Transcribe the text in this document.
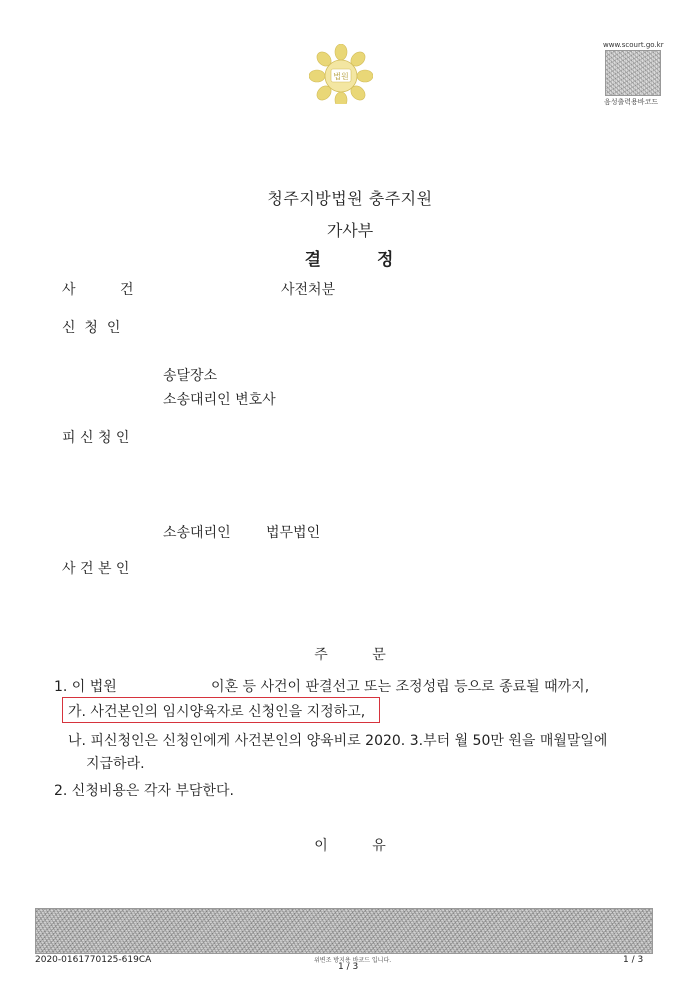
법원
www.scourt.go.kr
음성출력용바코드
청주지방법원 충주지원
가사부
결	정
사          건	사전처분
신  청  인
송달장소
소송대리인 변호사
피 신 청 인
소송대리인	법무법인
사 건 본 인
주          문
1. 이 법원	이혼 등 사건이 판결선고 또는 조정성립 등으로 종료될 때까지,
가. 사건본인의 임시양육자로 신청인을 지정하고,
나. 피신청인은 신청인에게 사건본인의 양육비로 2020. 3.부터 월 50만 원을 매월말일에
지급하라.
2. 신청비용은 각자 부담한다.
이          유
2020-0161770125-619CA	위변조 방지용 바코드 입니다.
1 / 3
1 / 3
